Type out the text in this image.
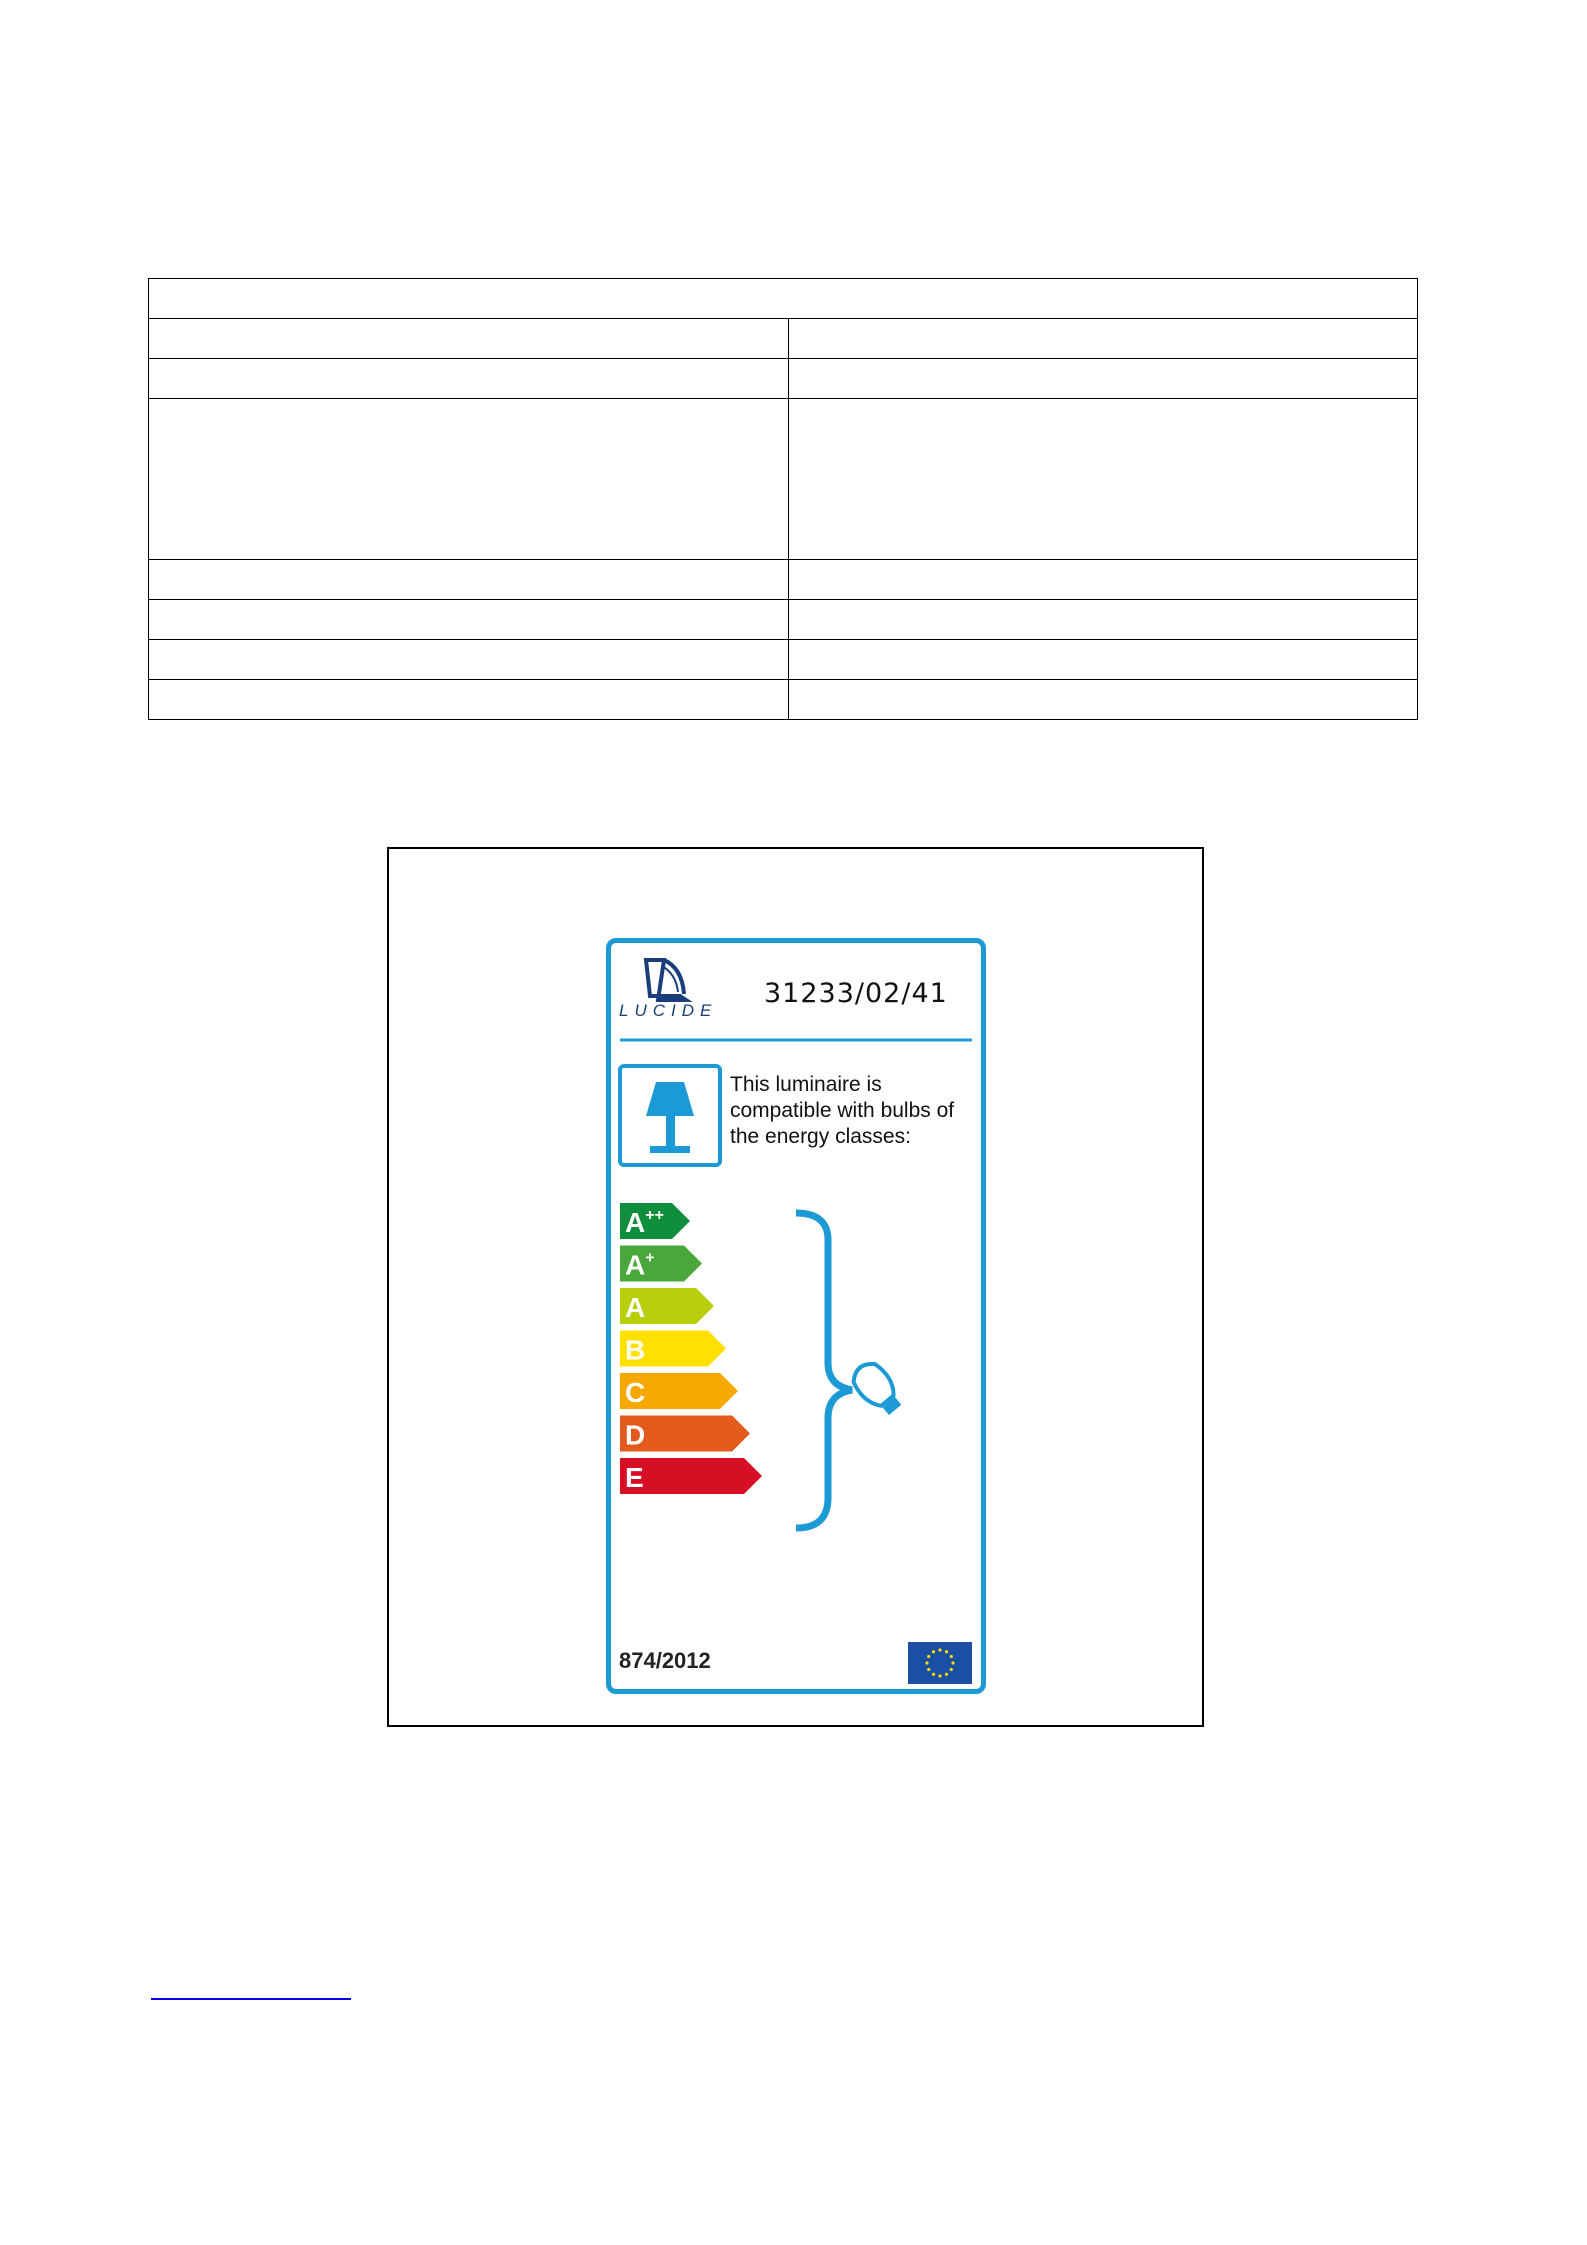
A++
A+
A
B
C
D
E
LUCIDE
31233/02/41
This luminaire is compatible with bulbs of the energy classes:
874/2012
